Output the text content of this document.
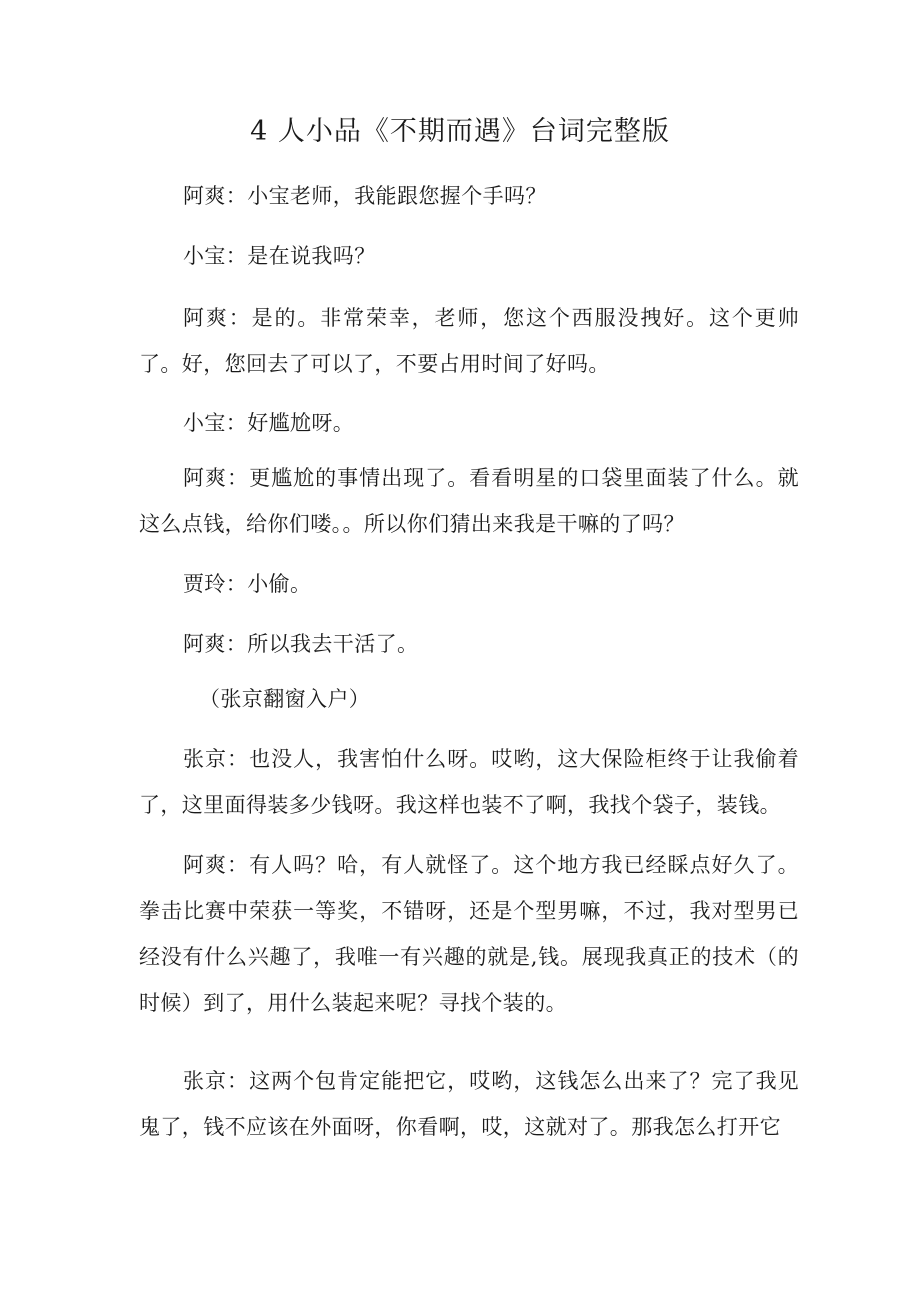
4 人小品《不期而遇》台词完整版

阿爽：小宝老师，我能跟您握个手吗？

小宝：是在说我吗？

阿爽：是的。非常荣幸，老师，您这个西服没拽好。这个更帅了。好，您回去了可以了，不要占用时间了好吗。

小宝：好尴尬呀。

阿爽：更尴尬的事情出现了。看看明星的口袋里面装了什么。就这么点钱，给你们喽。。所以你们猜出来我是干嘛的了吗？

贾玲：小偷。

阿爽：所以我去干活了。

（张京翻窗入户）

张京：也没人，我害怕什么呀。哎哟，这大保险柜终于让我偷着了，这里面得装多少钱呀。我这样也装不了啊，我找个袋子，装钱。

阿爽：有人吗？哈，有人就怪了。这个地方我已经睬点好久了。拳击比赛中荣获一等奖，不错呀，还是个型男嘛，不过，我对型男已经没有什么兴趣了，我唯一有兴趣的就是,钱。展现我真正的技术（的时候）到了，用什么装起来呢？寻找个装的。

张京：这两个包肯定能把它，哎哟，这钱怎么出来了？完了我见鬼了，钱不应该在外面呀，你看啊，哎，这就对了。那我怎么打开它
